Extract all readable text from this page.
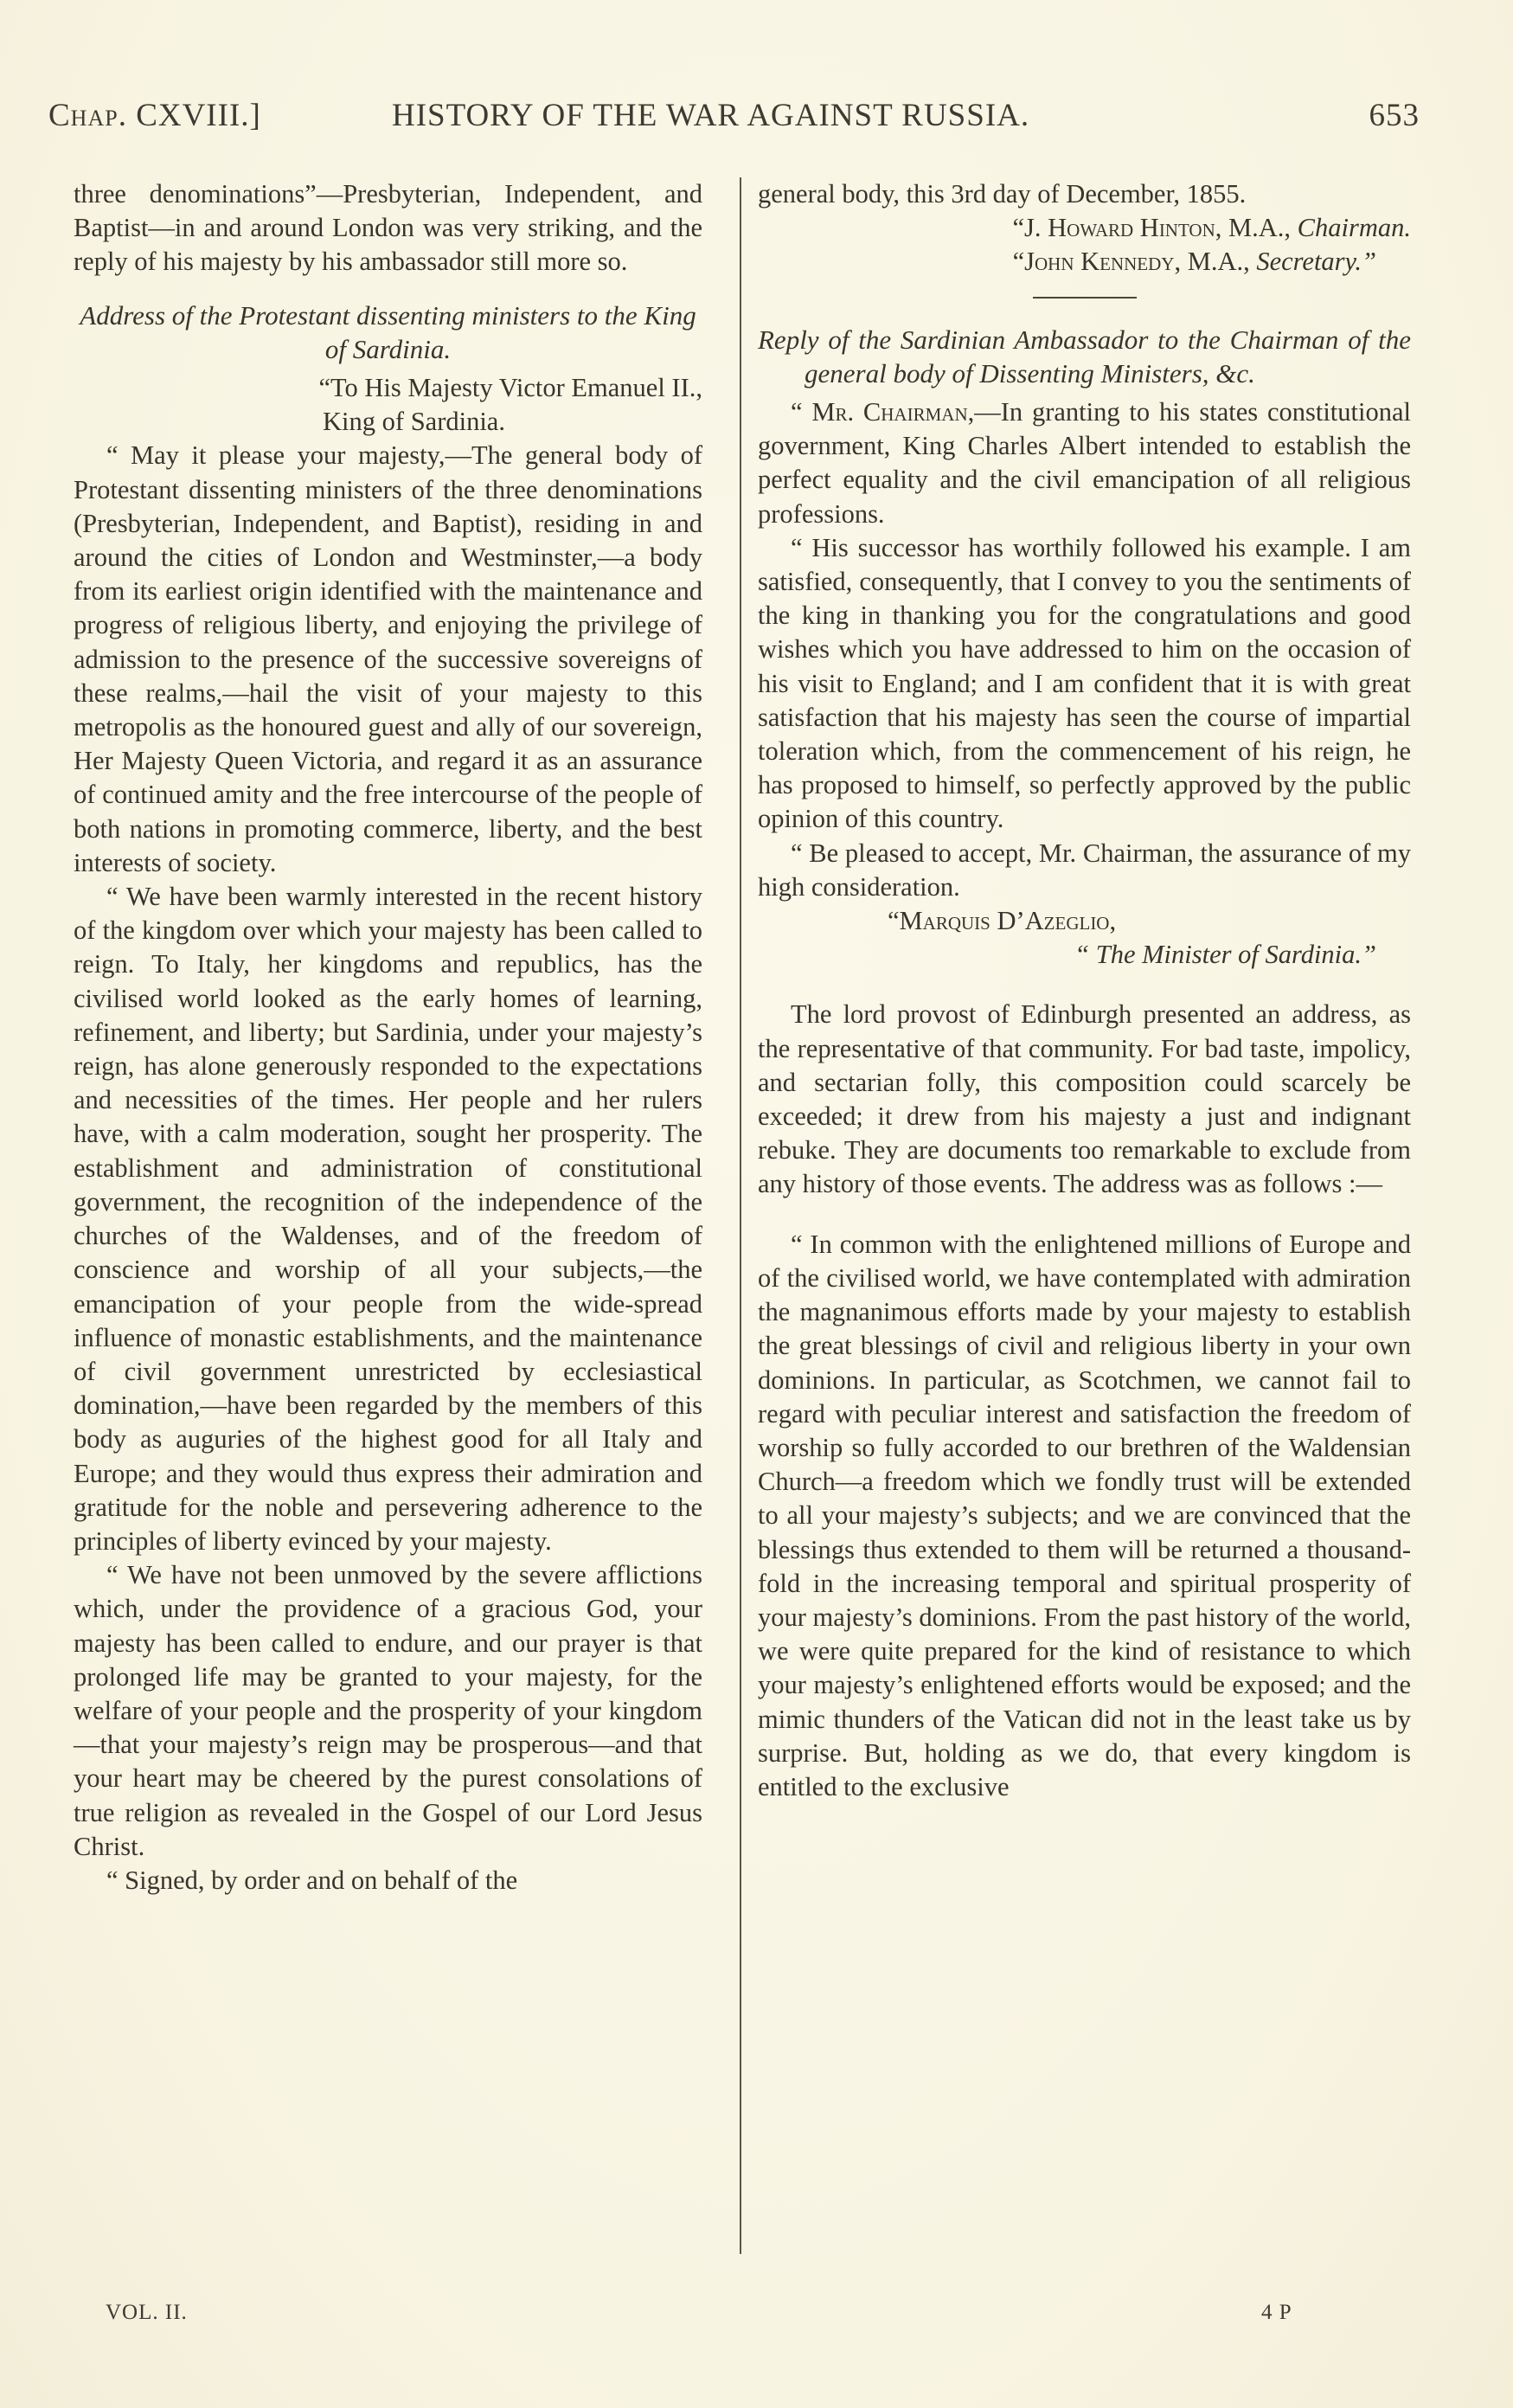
Chap. CXVIII.]	HISTORY OF THE WAR AGAINST RUSSIA.	653

three denominations”—Presbyterian, Independent, and Baptist—in and around London was very striking, and the reply of his majesty by his ambassador still more so.

Address of the Protestant dissenting ministers to the King of Sardinia.

“To His Majesty Victor Emanuel II.,
King of Sardinia.

“ May it please your majesty,—The general body of Protestant dissenting ministers of the three denominations (Presbyterian, Independent, and Baptist), residing in and around the cities of London and Westminster,—a body from its earliest origin identified with the maintenance and progress of religious liberty, and enjoying the privilege of admission to the presence of the successive sovereigns of these realms,—hail the visit of your majesty to this metropolis as the honoured guest and ally of our sovereign, Her Majesty Queen Victoria, and regard it as an assurance of continued amity and the free intercourse of the people of both nations in promoting commerce, liberty, and the best interests of society.

“ We have been warmly interested in the recent history of the kingdom over which your majesty has been called to reign. To Italy, her kingdoms and republics, has the civilised world looked as the early homes of learning, refinement, and liberty; but Sardinia, under your majesty’s reign, has alone generously responded to the expectations and necessities of the times. Her people and her rulers have, with a calm moderation, sought her prosperity. The establishment and administration of constitutional government, the recognition of the independence of the churches of the Waldenses, and of the freedom of conscience and worship of all your subjects,—the emancipation of your people from the wide-spread influence of monastic establishments, and the maintenance of civil government unrestricted by ecclesiastical domination,—have been regarded by the members of this body as auguries of the highest good for all Italy and Europe; and they would thus express their admiration and gratitude for the noble and persevering adherence to the principles of liberty evinced by your majesty.

“ We have not been unmoved by the severe afflictions which, under the providence of a gracious God, your majesty has been called to endure, and our prayer is that prolonged life may be granted to your majesty, for the welfare of your people and the prosperity of your kingdom—that your majesty’s reign may be prosperous—and that your heart may be cheered by the purest consolations of true religion as revealed in the Gospel of our Lord Jesus Christ.

“ Signed, by order and on behalf of the

general body, this 3rd day of December, 1855.

“J. Howard Hinton, M.A., Chairman.

“John Kennedy, M.A., Secretary.”

Reply of the Sardinian Ambassador to the Chairman of the general body of Dissenting Ministers, &c.

“ Mr. Chairman,—In granting to his states constitutional government, King Charles Albert intended to establish the perfect equality and the civil emancipation of all religious professions.

“ His successor has worthily followed his example. I am satisfied, consequently, that I convey to you the sentiments of the king in thanking you for the congratulations and good wishes which you have addressed to him on the occasion of his visit to England; and I am confident that it is with great satisfaction that his majesty has seen the course of impartial toleration which, from the commencement of his reign, he has proposed to himself, so perfectly approved by the public opinion of this country.

“ Be pleased to accept, Mr. Chairman, the assurance of my high consideration.

“Marquis D’Azeglio,

“ The Minister of Sardinia.”

The lord provost of Edinburgh presented an address, as the representative of that community. For bad taste, impolicy, and sectarian folly, this composition could scarcely be exceeded; it drew from his majesty a just and indignant rebuke. They are documents too remarkable to exclude from any history of those events. The address was as follows :—

“ In common with the enlightened millions of Europe and of the civilised world, we have contemplated with admiration the magnanimous efforts made by your majesty to establish the great blessings of civil and religious liberty in your own dominions. In particular, as Scotchmen, we cannot fail to regard with peculiar interest and satisfaction the freedom of worship so fully accorded to our brethren of the Waldensian Church—a freedom which we fondly trust will be extended to all your majesty’s subjects; and we are convinced that the blessings thus extended to them will be returned a thousand-fold in the increasing temporal and spiritual prosperity of your majesty’s dominions. From the past history of the world, we were quite prepared for the kind of resistance to which your majesty’s enlightened efforts would be exposed; and the mimic thunders of the Vatican did not in the least take us by surprise. But, holding as we do, that every kingdom is entitled to the exclusive

VOL. II.	4 P
